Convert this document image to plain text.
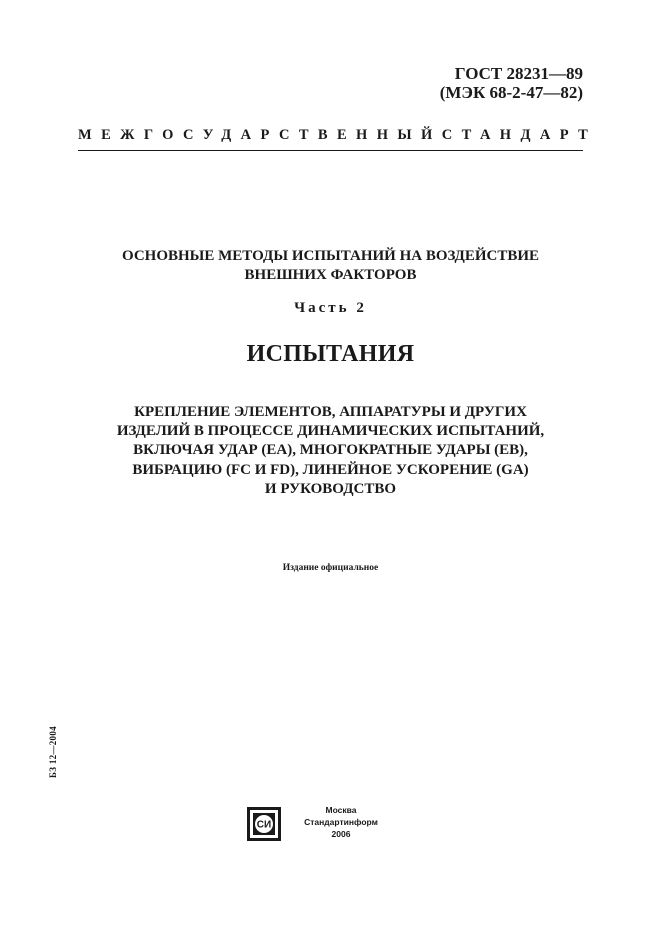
ГОСТ 28231—89
(МЭК 68-2-47—82)
МЕЖГОСУДАРСТВЕННЫЙ СТАНДАРТ
ОСНОВНЫЕ МЕТОДЫ ИСПЫТАНИЙ НА ВОЗДЕЙСТВИЕ
ВНЕШНИХ ФАКТОРОВ
Часть 2
ИСПЫТАНИЯ
КРЕПЛЕНИЕ ЭЛЕМЕНТОВ, АППАРАТУРЫ И ДРУГИХ
ИЗДЕЛИЙ В ПРОЦЕССЕ ДИНАМИЧЕСКИХ ИСПЫТАНИЙ,
ВКЛЮЧАЯ УДАР (ЕА), МНОГОКРАТНЫЕ УДАРЫ (ЕВ),
ВИБРАЦИЮ (FC И FD), ЛИНЕЙНОЕ УСКОРЕНИЕ (GA)
И РУКОВОДСТВО
Издание официальное
БЗ 12—2004
СИ
Москва
Стандартинформ
2006
